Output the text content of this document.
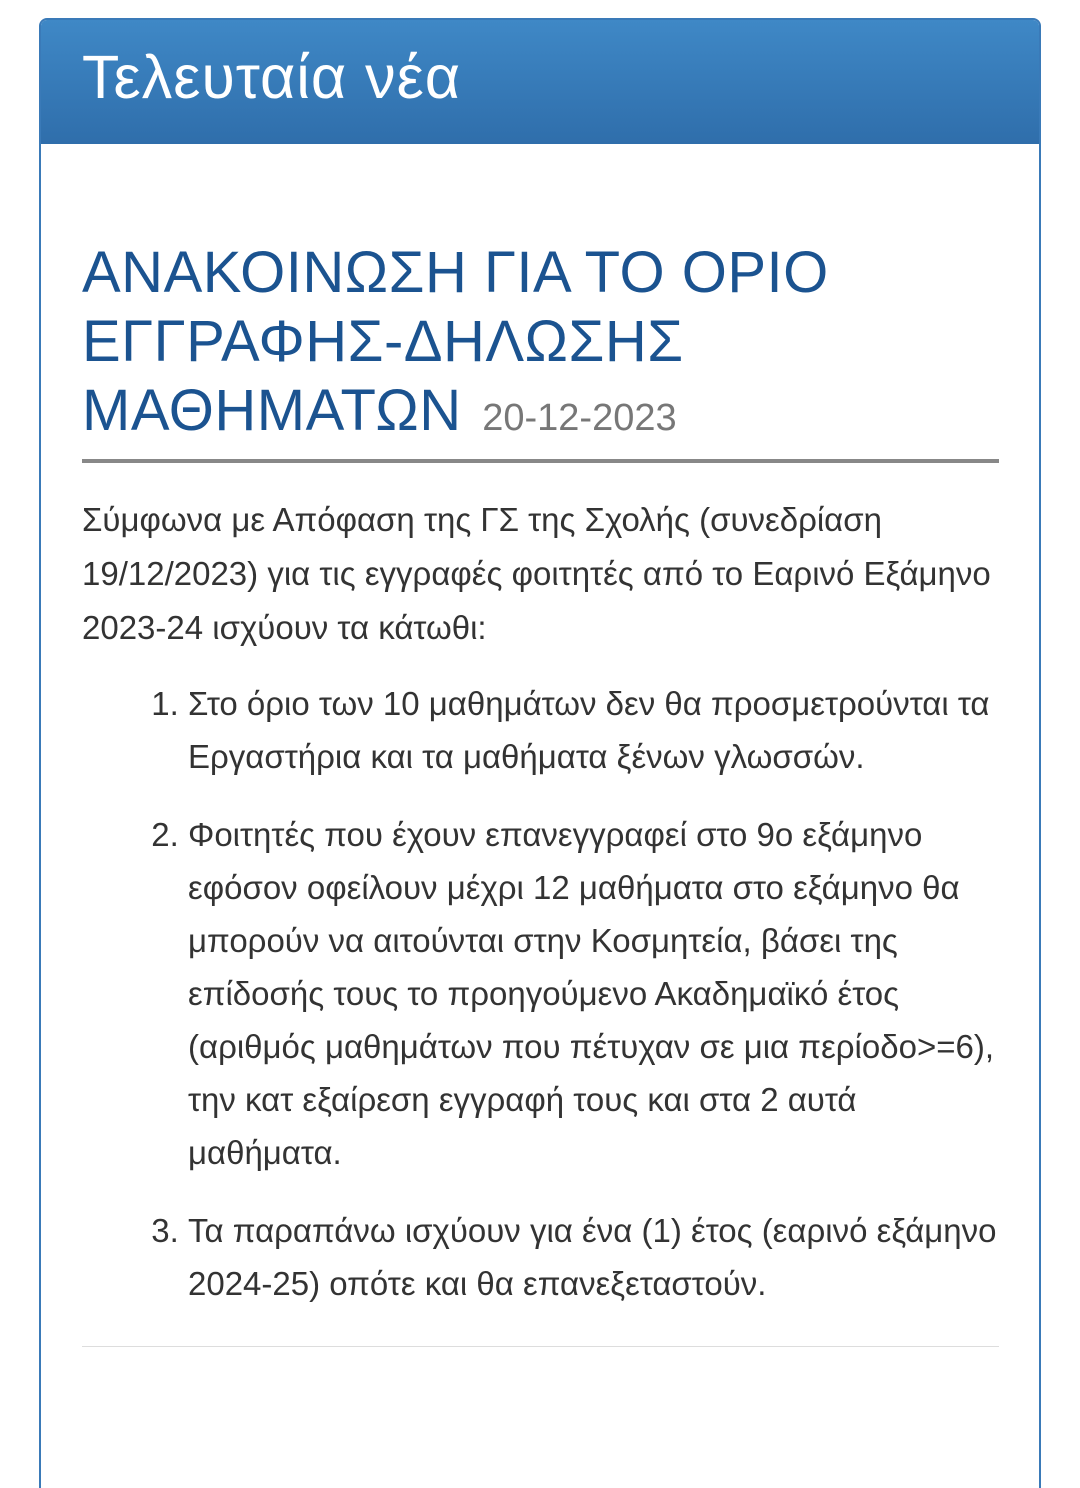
Τελευταία νέα
ΑΝΑΚΟΙΝΩΣΗ ΓΙΑ ΤΟ ΟΡΙΟ ΕΓΓΡΑΦΗΣ-ΔΗΛΩΣΗΣ ΜΑΘΗΜΑΤΩΝ 20-12-2023

Σύμφωνα με Απόφαση της ΓΣ της Σχολής (συνεδρίαση 19/12/2023) για τις εγγραφές φοιτητές από το Εαρινό Εξάμηνο 2023-24 ισχύουν τα κάτωθι:

1. Στο όριο των 10 μαθημάτων δεν θα προσμετρούνται τα Εργαστήρια και τα μαθήματα ξένων γλωσσών.
2. Φοιτητές που έχουν επανεγγραφεί στο 9ο εξάμηνο εφόσον οφείλουν μέχρι 12 μαθήματα στο εξάμηνο θα μπορούν να αιτούνται στην Κοσμητεία, βάσει της επίδοσής τους το προηγούμενο Ακαδημαϊκό έτος (αριθμός μαθημάτων που πέτυχαν σε μια περίοδο>=6), την κατ εξαίρεση εγγραφή τους και στα 2 αυτά μαθήματα.
3. Τα παραπάνω ισχύουν για ένα (1) έτος (εαρινό εξάμηνο 2024-25) οπότε και θα επανεξεταστούν.
